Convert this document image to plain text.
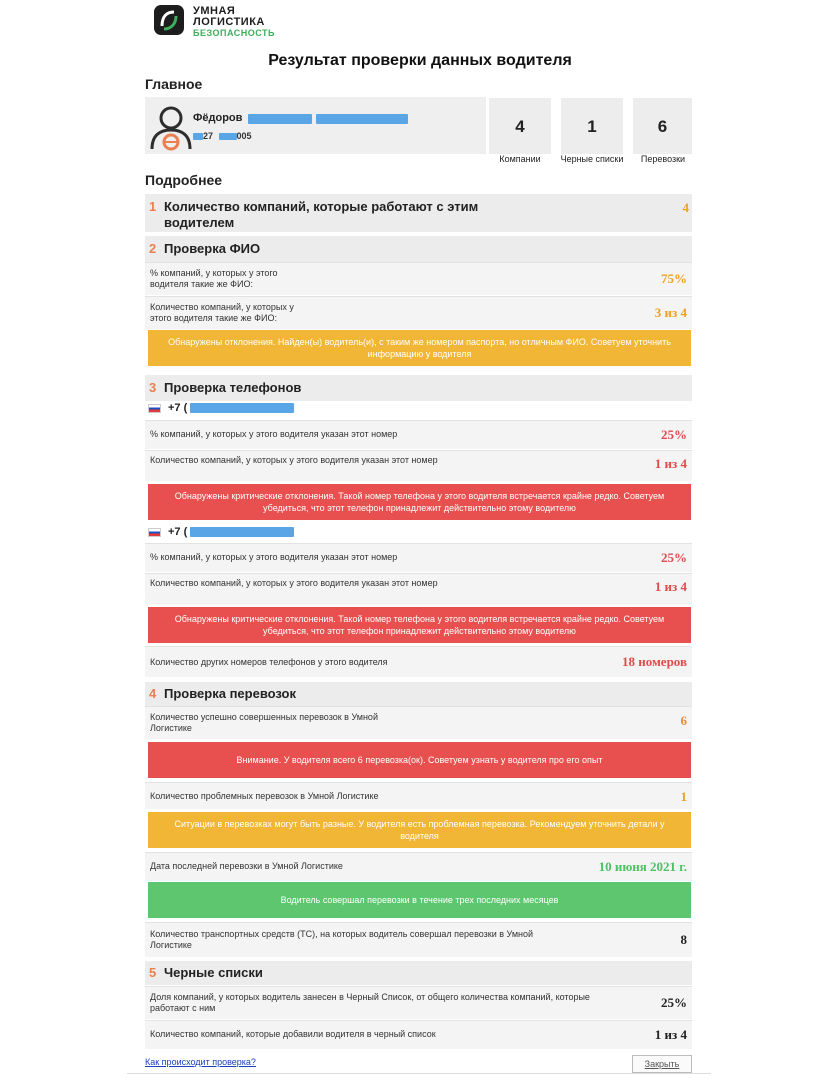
УМНАЯ
ЛОГИСТИКА
БЕЗОПАСНОСТЬ
Результат проверки данных водителя
Главное
Фёдоров
27	005	4
Компании
1
Черные списки
6
Перевозки
Подробнее
1 Количество компаний, которые работают с этим водителем
4
2 Проверка ФИО
% компаний, у которых у этого водителя такие же ФИО:	75%
Количество компаний, у которых у этого водителя такие же ФИО:	3 из 4
Обнаружены отклонения. Найден(ы) водитель(и), с таким же номером паспорта, но отличным ФИО. Советуем уточнить информацию у водителя
3 Проверка телефонов
+7 (
% компаний, у которых у этого водителя указан этот номер	25%
Количество компаний, у которых у этого водителя указан этот номер	1 из 4
Обнаружены критические отклонения. Такой номер телефона у этого водителя встречается крайне редко. Советуем убедиться, что этот телефон принадлежит действительно этому водителю
+7 (
% компаний, у которых у этого водителя указан этот номер	25%
Количество компаний, у которых у этого водителя указан этот номер	1 из 4
Обнаружены критические отклонения. Такой номер телефона у этого водителя встречается крайне редко. Советуем убедиться, что этот телефон принадлежит действительно этому водителю
Количество других номеров телефонов у этого водителя	18 номеров
4 Проверка перевозок
Количество успешно совершенных перевозок в Умной Логистике	6
Внимание. У водителя всего 6 перевозка(ок). Советуем узнать у водителя про его опыт
Количество проблемных перевозок в Умной Логистике	1
Ситуации в перевозках могут быть разные. У водителя есть проблемная перевозка. Рекомендуем уточнить детали у водителя
Дата последней перевозки в Умной Логистике	10 июня 2021 г.
Водитель совершал перевозки в течение трех последних месяцев
Количество транспортных средств (ТС), на которых водитель совершал перевозки в Умной Логистике	8
5 Черные списки
Доля компаний, у которых водитель занесен в Черный Список, от общего количества компаний, которые работают с ним	25%
Количество компаний, которые добавили водителя в черный список	1 из 4
Как происходит проверка?	Закрыть
